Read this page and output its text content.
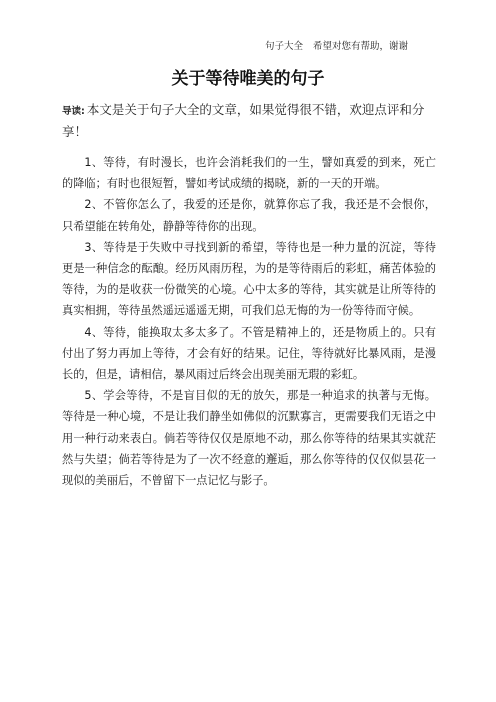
句子大全 希望对您有帮助，谢谢
关于等待唯美的句子
导读: 本文是关于句子大全的文章，如果觉得很不错，欢迎点评和分享！

1、等待，有时漫长，也许会消耗我们的一生，譬如真爱的到来，死亡的降临；有时也很短暂，譬如考试成绩的揭晓，新的一天的开端。

2、不管你怎么了，我爱的还是你，就算你忘了我，我还是不会恨你，只希望能在转角处，静静等待你的出现。

3、等待是于失败中寻找到新的希望，等待也是一种力量的沉淀，等待更是一种信念的酝酿。经历风雨历程，为的是等待雨后的彩虹，痛苦体验的等待，为的是收获一份微笑的心境。心中太多的等待，其实就是让所等待的真实相拥，等待虽然遥远遥遥无期，可我们总无悔的为一份等待而守候。

4、等待，能换取太多太多了。不管是精神上的，还是物质上的。只有付出了努力再加上等待，才会有好的结果。记住，等待就好比暴风雨，是漫长的，但是，请相信，暴风雨过后终会出现美丽无瑕的彩虹。

5、学会等待，不是盲目似的无的放矢，那是一种追求的执著与无悔。等待是一种心境，不是让我们静坐如佛似的沉默寡言，更需要我们无语之中用一种行动来表白。倘若等待仅仅是原地不动，那么你等待的结果其实就茫然与失望；倘若等待是为了一次不经意的邂逅，那么你等待的仅仅似昙花一现似的美丽后，不曾留下一点记忆与影子。
